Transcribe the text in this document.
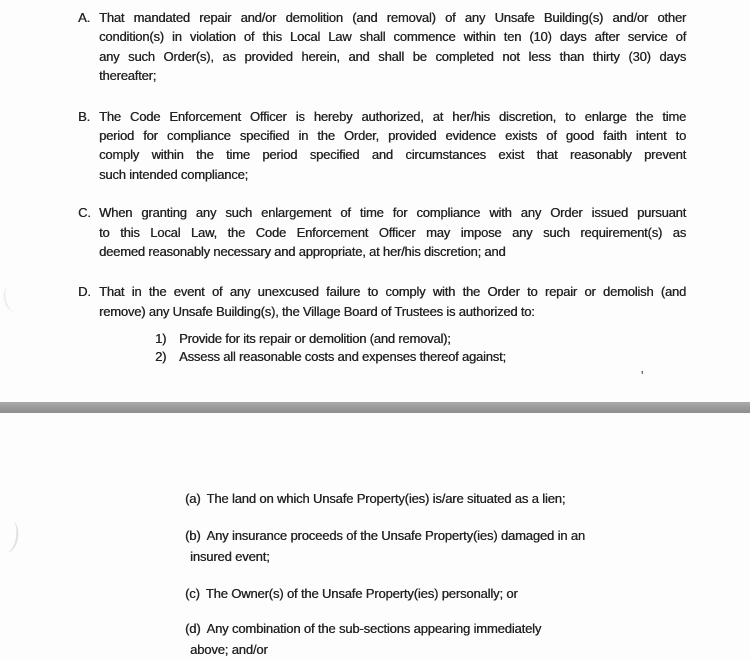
A. That mandated repair and/or demolition (and removal) of any Unsafe Building(s) and/or other
condition(s) in violation of this Local Law shall commence within ten (10) days after service of
any such Order(s), as provided herein, and shall be completed not less than thirty (30) days
thereafter;
B. The Code Enforcement Officer is hereby authorized, at her/his discretion, to enlarge the time
period for compliance specified in the Order, provided evidence exists of good faith intent to
comply within the time period specified and circumstances exist that reasonably prevent
such intended compliance;
C. When granting any such enlargement of time for compliance with any Order issued pursuant
to this Local Law, the Code Enforcement Officer may impose any such requirement(s) as
deemed reasonably necessary and appropriate, at her/his discretion; and
D. That in the event of any unexcused failure to comply with the Order to repair or demolish (and
remove) any Unsafe Building(s), the Village Board of Trustees is authorized to:
1) Provide for its repair or demolition (and removal);
2) Assess all reasonable costs and expenses thereof against;
'
(a) The land on which Unsafe Property(ies) is/are situated as a lien;
(b) Any insurance proceeds of the Unsafe Property(ies) damaged in an
insured event;
(c) The Owner(s) of the Unsafe Property(ies) personally; or
(d) Any combination of the sub-sections appearing immediately
above; and/or
